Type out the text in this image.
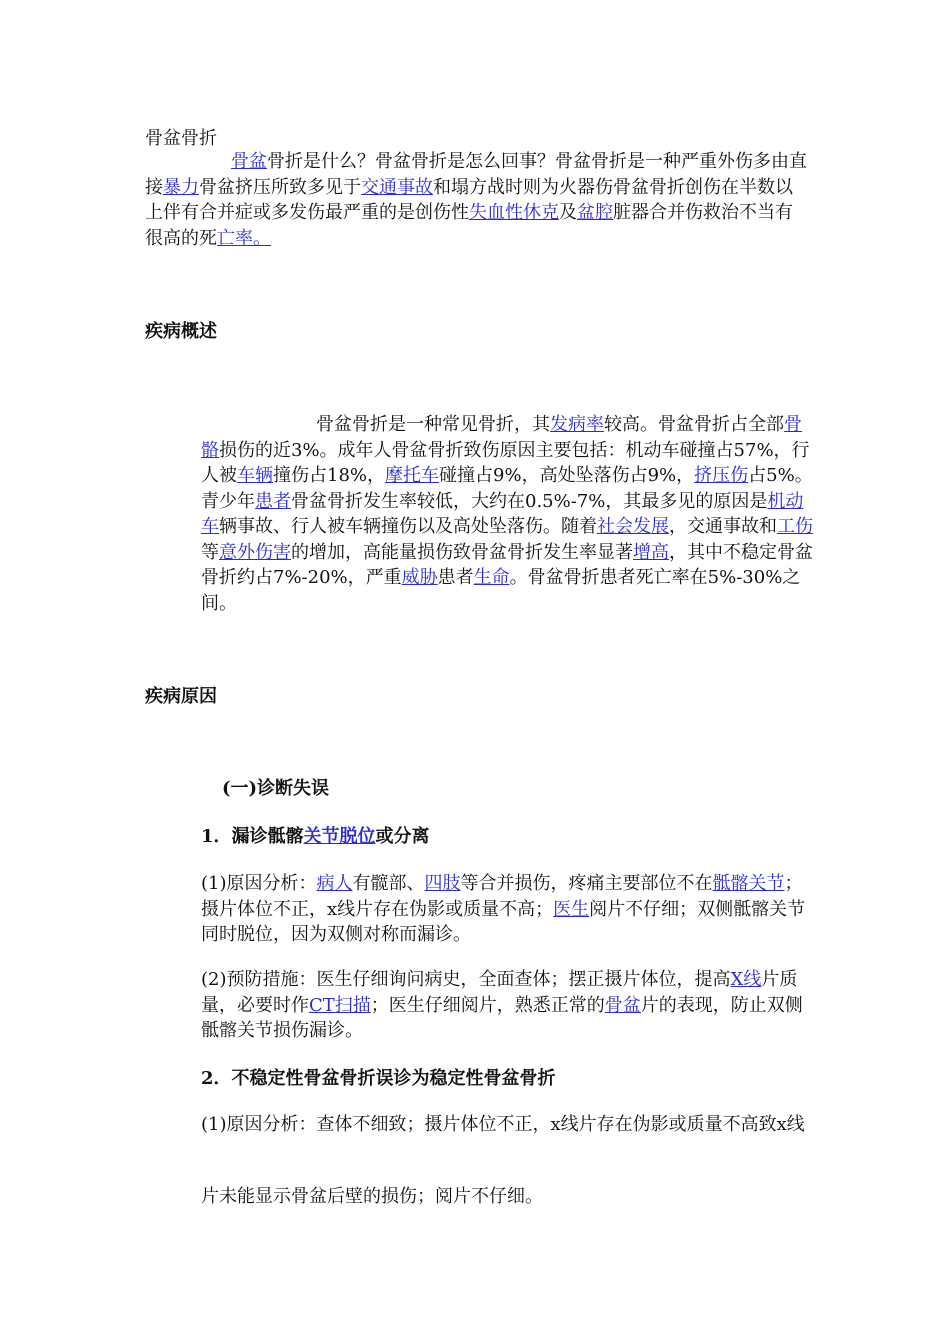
骨盆骨折

骨盆骨折是什么？骨盆骨折是怎么回事？骨盆骨折是一种严重外伤多由直接暴力骨盆挤压所致多见于交通事故和塌方战时则为火器伤骨盆骨折创伤在半数以上伴有合并症或多发伤最严重的是创伤性失血性休克及盆腔脏器合并伤救治不当有很高的死亡率。

疾病概述

骨盆骨折是一种常见骨折，其发病率较高。骨盆骨折占全部骨骼损伤的近3%。成年人骨盆骨折致伤原因主要包括：机动车碰撞占57%，行人被车辆撞伤占18%，摩托车碰撞占9%，高处坠落伤占9%，挤压伤占5%。青少年患者骨盆骨折发生率较低，大约在0.5%-7%，其最多见的原因是机动车辆事故、行人被车辆撞伤以及高处坠落伤。随着社会发展，交通事故和工伤等意外伤害的增加，高能量损伤致骨盆骨折发生率显著增高，其中不稳定骨盆骨折约占7%-20%，严重威胁患者生命。骨盆骨折患者死亡率在5%-30%之间。

疾病原因

(一)诊断失误

1．漏诊骶髂关节脱位或分离

(1)原因分析：病人有髋部、四肢等合并损伤，疼痛主要部位不在骶髂关节；摄片体位不正，x线片存在伪影或质量不高；医生阅片不仔细；双侧骶髂关节同时脱位，因为双侧对称而漏诊。

(2)预防措施：医生仔细询问病史，全面查体；摆正摄片体位，提高X线片质量，必要时作CT扫描；医生仔细阅片，熟悉正常的骨盆片的表现，防止双侧骶髂关节损伤漏诊。

2．不稳定性骨盆骨折误诊为稳定性骨盆骨折

(1)原因分析：查体不细致；摄片体位不正，x线片存在伪影或质量不高致x线

片未能显示骨盆后壁的损伤；阅片不仔细。
